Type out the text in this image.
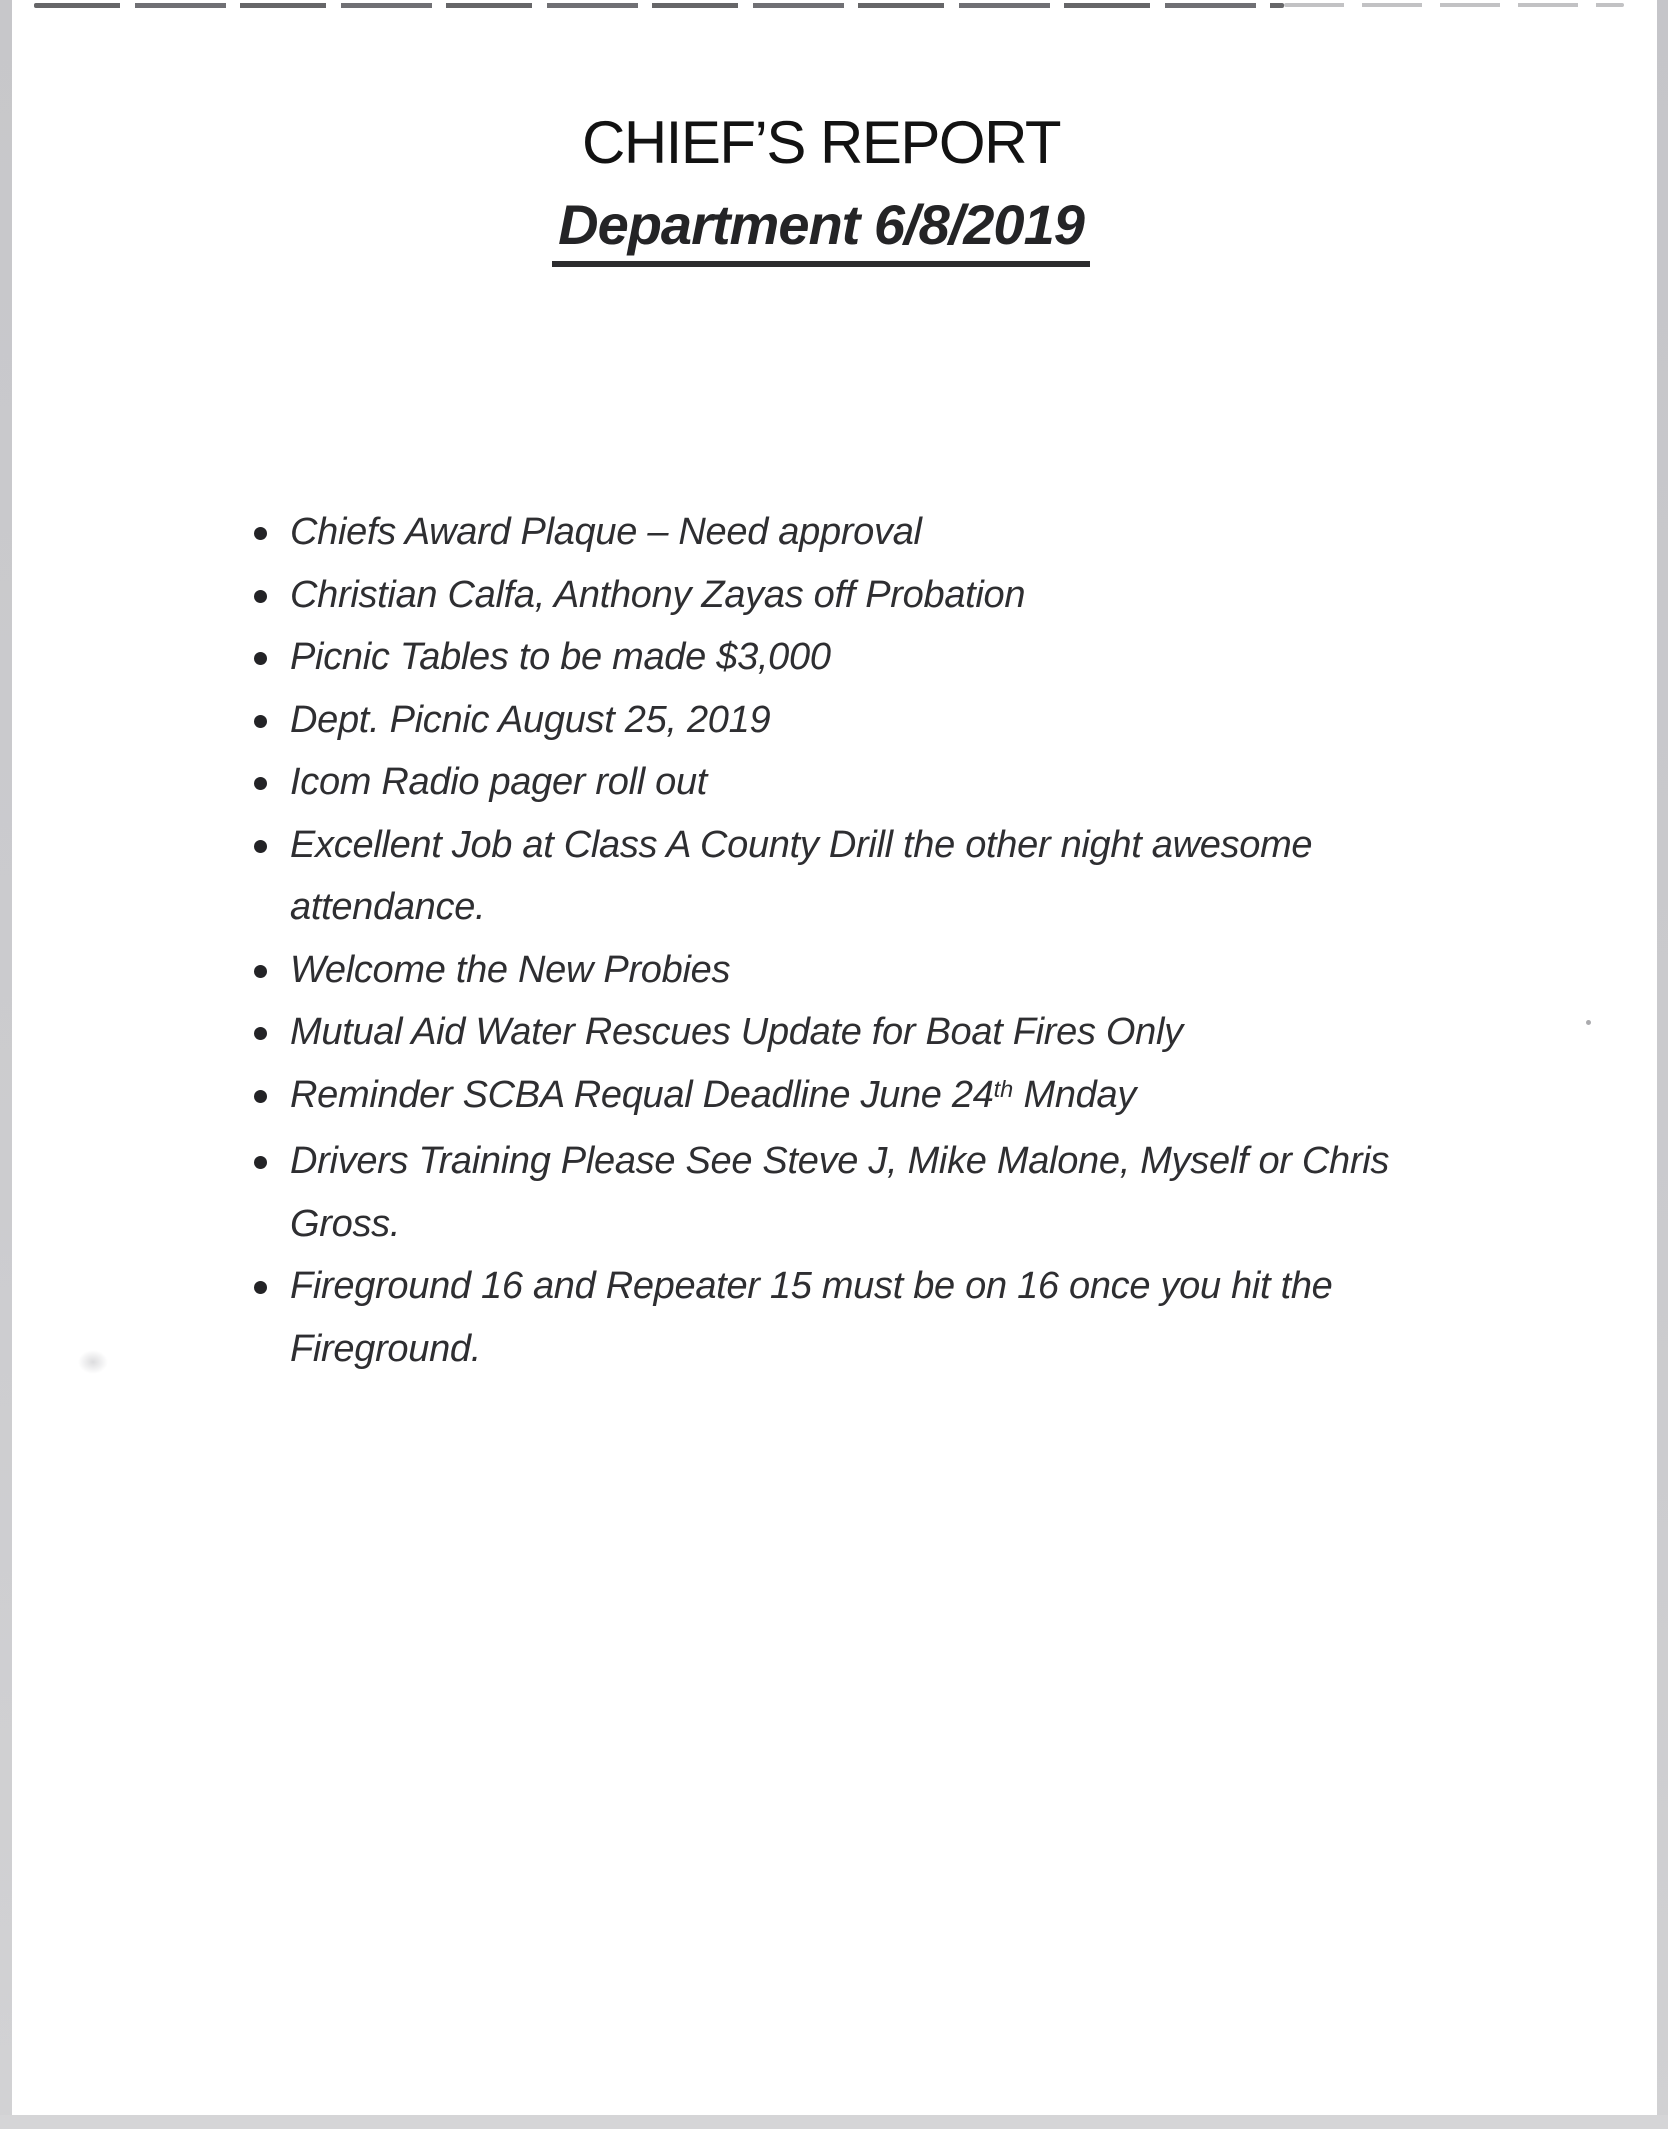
CHIEF’S REPORT
Department 6/8/2019
Chiefs Award Plaque – Need approval
Christian Calfa, Anthony Zayas off Probation
Picnic Tables to be made $3,000
Dept. Picnic August 25, 2019
Icom Radio pager roll out
Excellent Job at Class A County Drill the other night awesome
attendance.
Welcome the New Probies
Mutual Aid Water Rescues Update for Boat Fires Only
Reminder SCBA Requal Deadline June 24th Mnday
Drivers Training Please See Steve J, Mike Malone, Myself or Chris
Gross.
Fireground 16 and Repeater 15 must be on 16 once you hit the
Fireground.
